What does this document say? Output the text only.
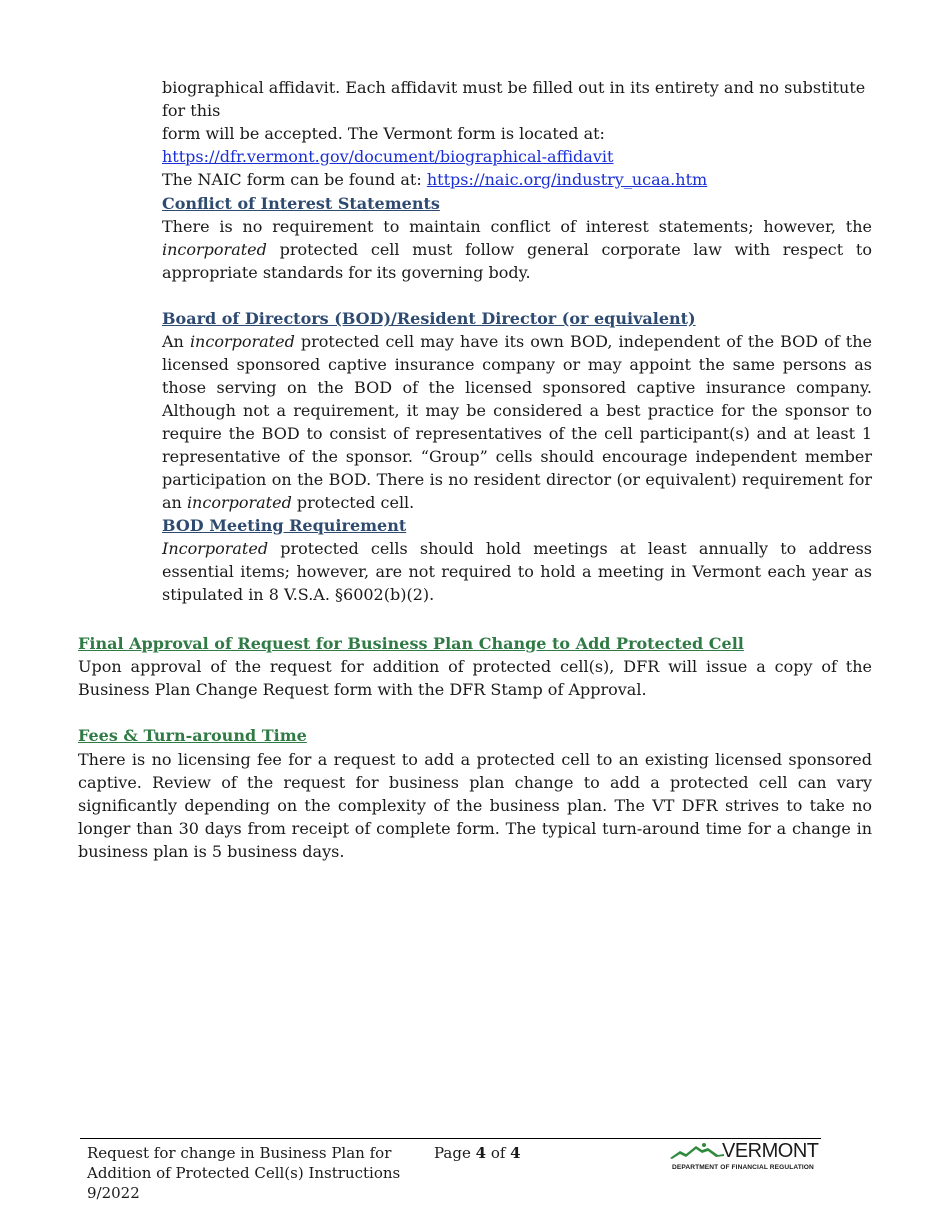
biographical affidavit. Each affidavit must be filled out in its entirety and no substitute for this
form will be accepted. The Vermont form is located at:
https://dfr.vermont.gov/document/biographical-affidavit
The NAIC form can be found at: https://naic.org/industry_ucaa.htm

Conflict of Interest Statements

There is no requirement to maintain conflict of interest statements; however, the incorporated protected cell must follow general corporate law with respect to appropriate standards for its governing body.

Board of Directors (BOD)/Resident Director (or equivalent)

An incorporated protected cell may have its own BOD, independent of the BOD of the licensed sponsored captive insurance company or may appoint the same persons as those serving on the BOD of the licensed sponsored captive insurance company. Although not a requirement, it may be considered a best practice for the sponsor to require the BOD to consist of representatives of the cell participant(s) and at least 1 representative of the sponsor. “Group” cells should encourage independent member participation on the BOD. There is no resident director (or equivalent) requirement for an incorporated protected cell.

BOD Meeting Requirement

Incorporated protected cells should hold meetings at least annually to address essential items; however, are not required to hold a meeting in Vermont each year as stipulated in 8 V.S.A. §6002(b)(2).

Final Approval of Request for Business Plan Change to Add Protected Cell

Upon approval of the request for addition of protected cell(s), DFR will issue a copy of the Business Plan Change Request form with the DFR Stamp of Approval.

Fees & Turn-around Time

There is no licensing fee for a request to add a protected cell to an existing licensed sponsored captive. Review of the request for business plan change to add a protected cell can vary significantly depending on the complexity of the business plan. The VT DFR strives to take no longer than 30 days from receipt of complete form. The typical turn-around time for a change in business plan is 5 business days.

Request for change in Business Plan for
Addition of Protected Cell(s) Instructions
9/2022
Page 4 of 4	VERMONT
DEPARTMENT OF FINANCIAL REGULATION
